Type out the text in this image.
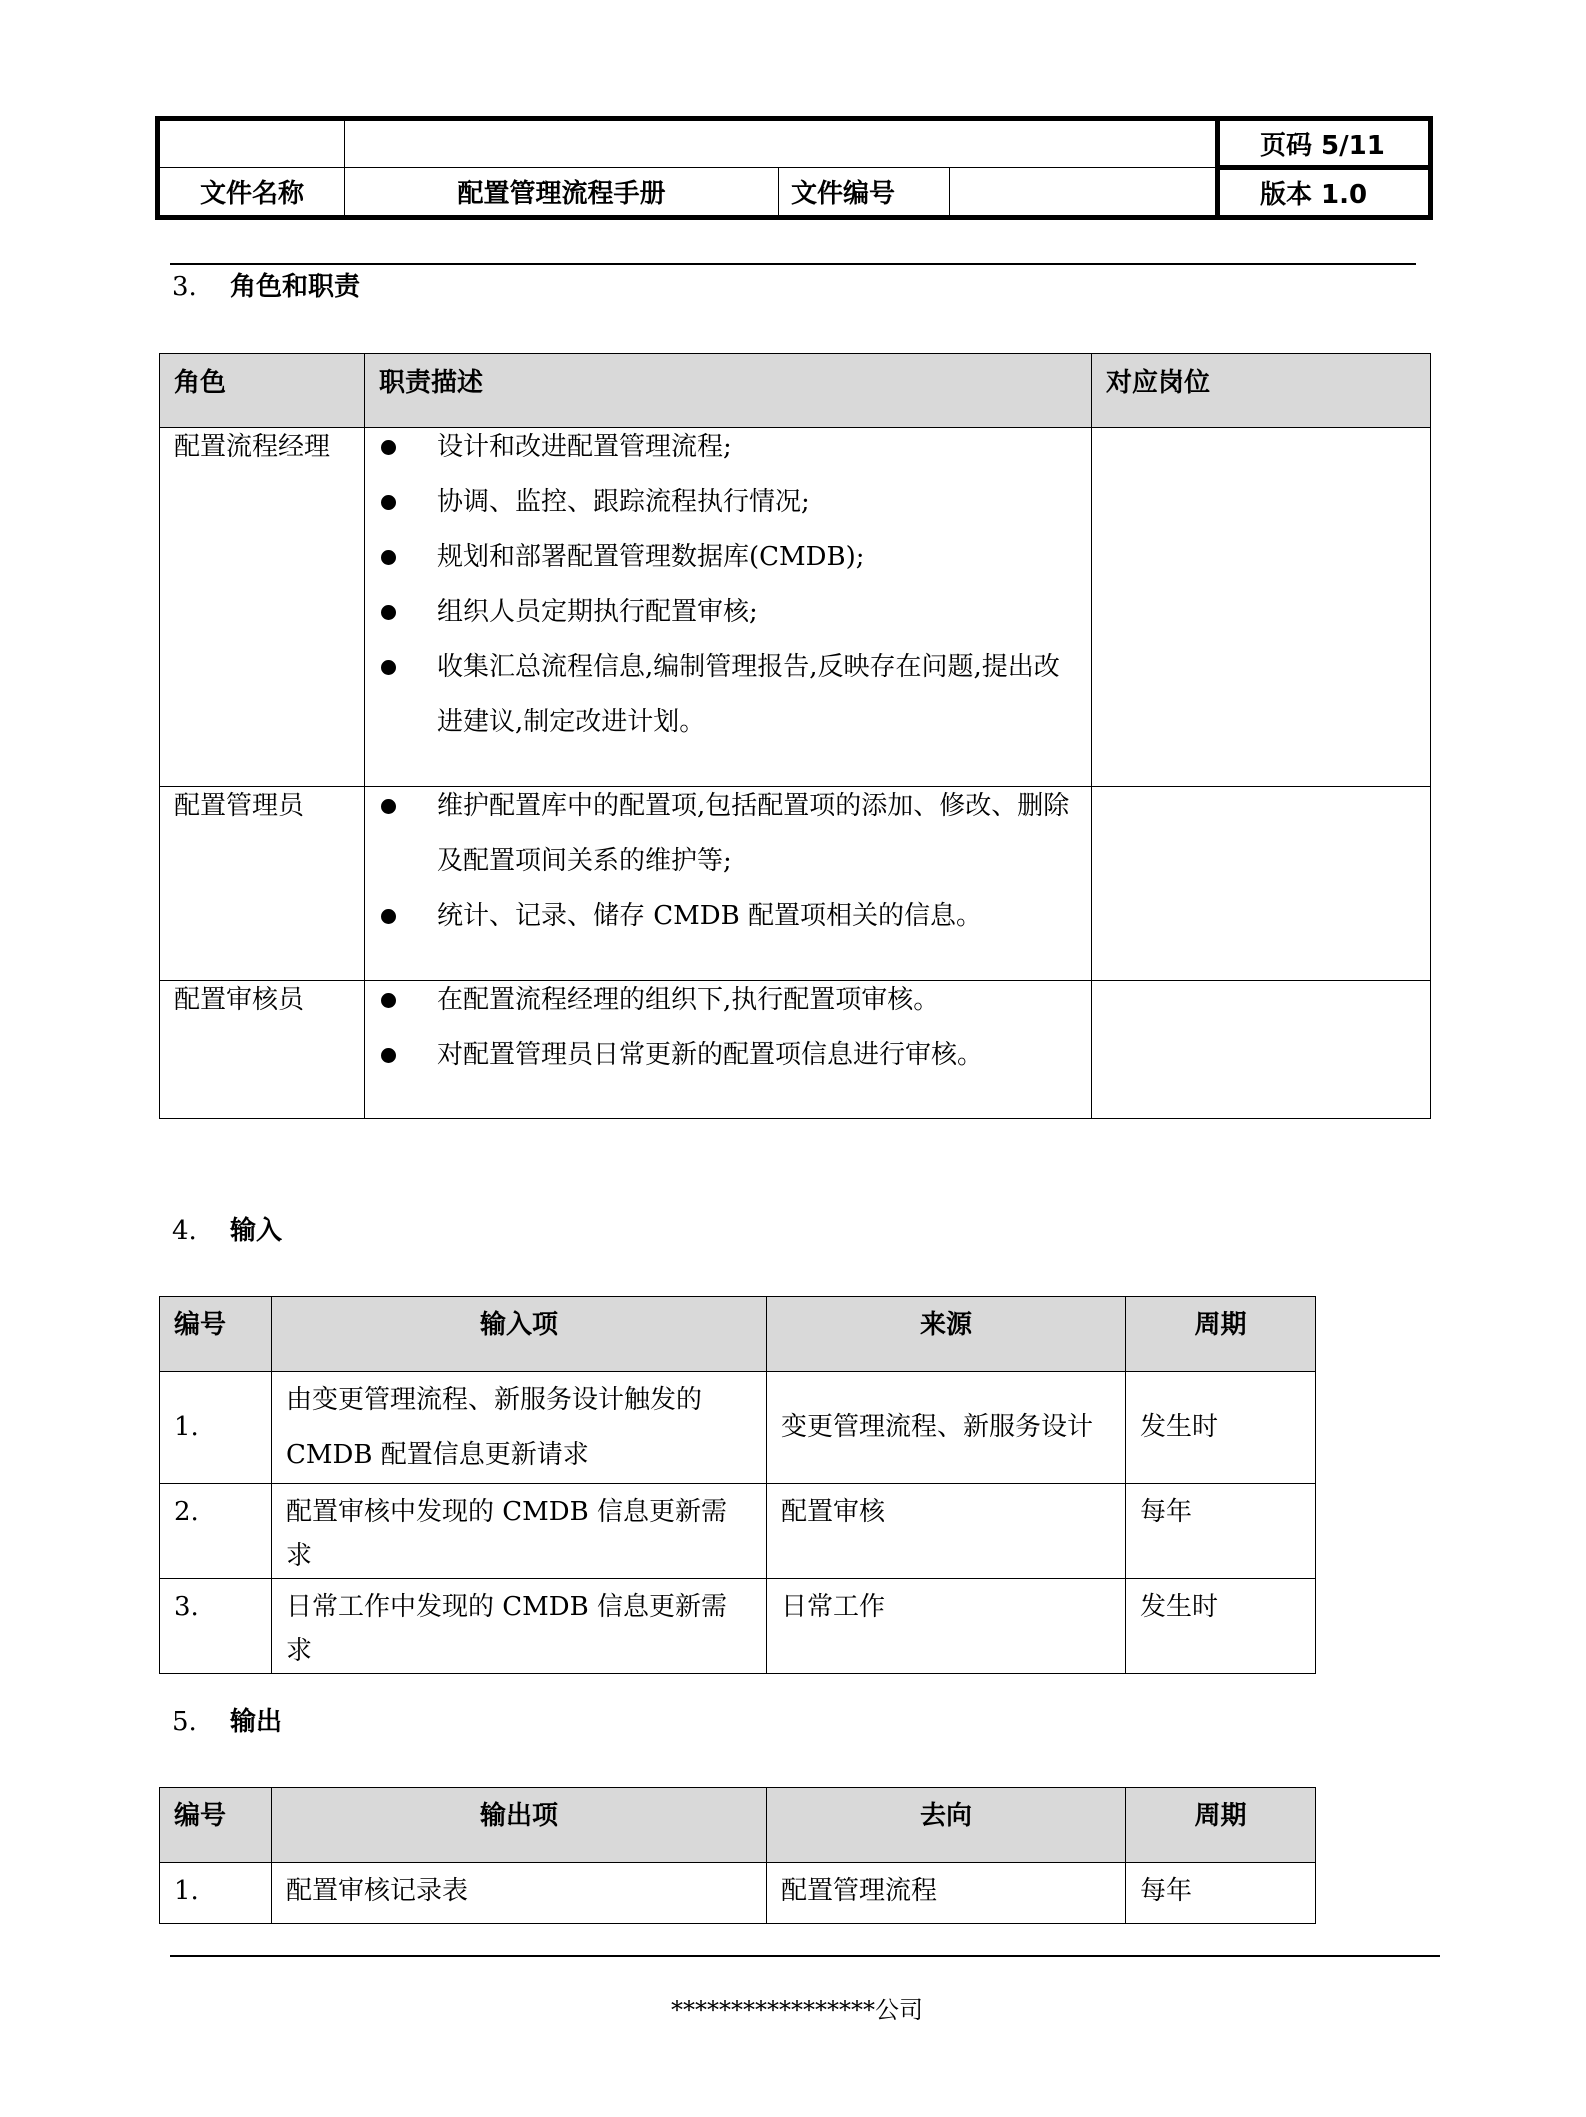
				页码 5/11
文件名称	配置管理流程手册	文件编号		版本 1.0
3. 角色和职责
角色	职责描述	对应岗位

配置流程经理	设计和改进配置管理流程;
协调、监控、跟踪流程执行情况;
规划和部署配置管理数据库(CMDB);
组织人员定期执行配置审核;
收集汇总流程信息,编制管理报告,反映存在问题,提出改进建议,制定改进计划。	

配置管理员	维护配置库中的配置项,包括配置项的添加、修改、删除及配置项间关系的维护等;
统计、记录、储存 CMDB 配置项相关的信息。	

配置审核员	在配置流程经理的组织下,执行配置项审核。
对配置管理员日常更新的配置项信息进行审核。	

4. 输入
编号	输入项	来源	周期
1.	由变更管理流程、新服务设计触发的CMDB 配置信息更新请求	变更管理流程、新服务设计	发生时
2.	配置审核中发现的 CMDB 信息更新需求	配置审核	每年
3.	日常工作中发现的 CMDB 信息更新需求	日常工作	发生时
5. 输出
编号	输出项	去向	周期
1.	配置审核记录表	配置管理流程	每年
*****************公司
